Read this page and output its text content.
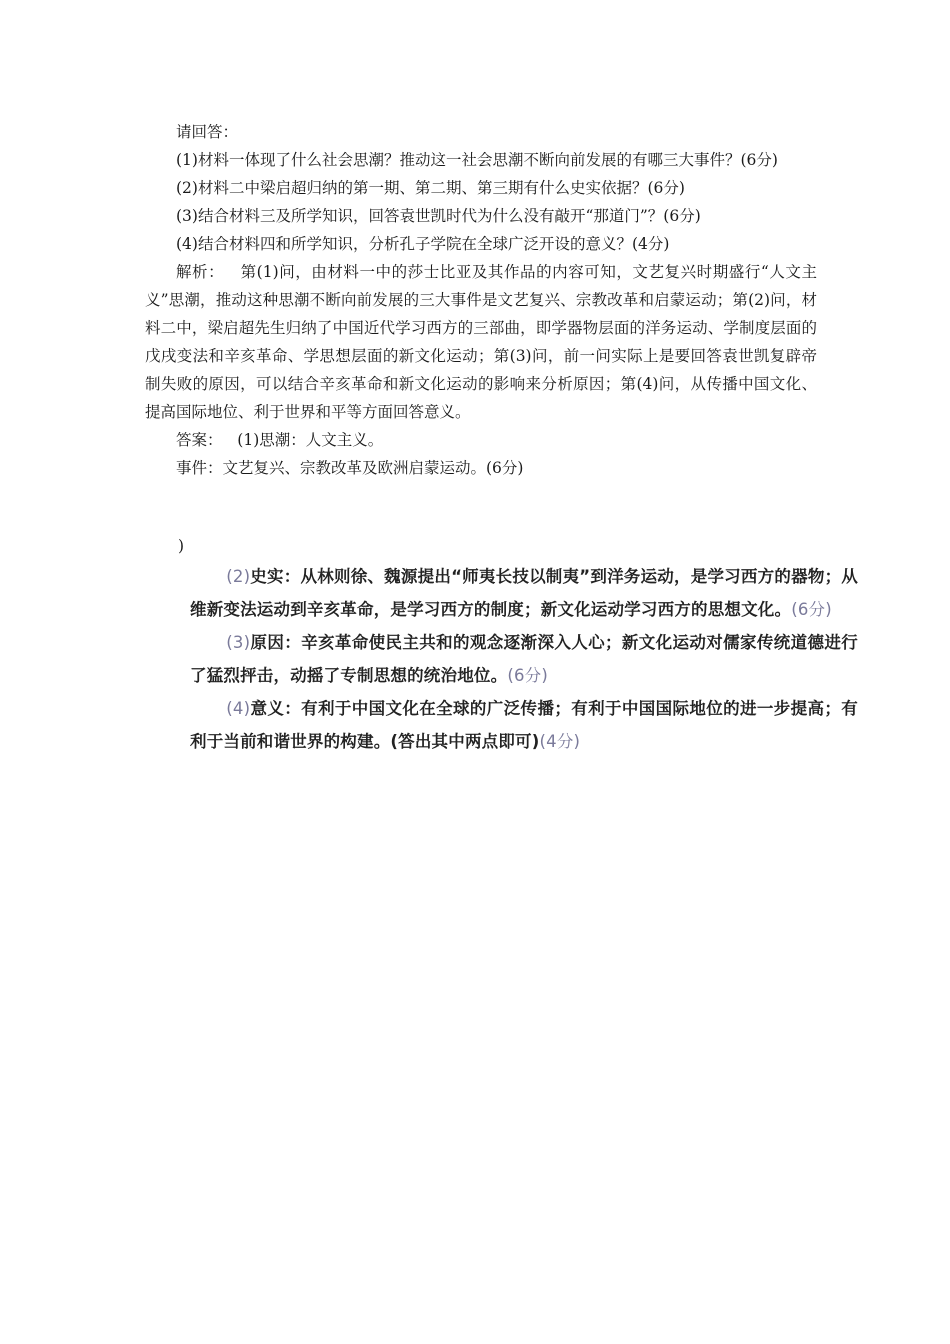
请回答：

(1)材料一体现了什么社会思潮？推动这一社会思潮不断向前发展的有哪三大事件？(6分)

(2)材料二中梁启超归纳的第一期、第二期、第三期有什么史实依据？(6分)

(3)结合材料三及所学知识，回答袁世凯时代为什么没有敲开“那道门”？(6分)

(4)结合材料四和所学知识，分析孔子学院在全球广泛开设的意义？(4分)

解析： 第(1)问，由材料一中的莎士比亚及其作品的内容可知，文艺复兴时期盛行“人文主义”思潮，推动这种思潮不断向前发展的三大事件是文艺复兴、宗教改革和启蒙运动；第(2)问，材料二中，梁启超先生归纳了中国近代学习西方的三部曲，即学器物层面的洋务运动、学制度层面的戊戌变法和辛亥革命、学思想层面的新文化运动；第(3)问，前一问实际上是要回答袁世凯复辟帝制失败的原因，可以结合辛亥革命和新文化运动的影响来分析原因；第(4)问，从传播中国文化、提高国际地位、利于世界和平等方面回答意义。

答案： (1)思潮：人文主义。

事件：文艺复兴、宗教改革及欧洲启蒙运动。(6分)

)

(2)史实：从林则徐、魏源提出“师夷长技以制夷”到洋务运动，是学习西方的器物；从维新变法运动到辛亥革命，是学习西方的制度；新文化运动学习西方的思想文化。(6分)

(3)原因：辛亥革命使民主共和的观念逐渐深入人心；新文化运动对儒家传统道德进行了猛烈抨击，动摇了专制思想的统治地位。(6分)

(4)意义：有利于中国文化在全球的广泛传播；有利于中国国际地位的进一步提高；有利于当前和谐世界的构建。(答出其中两点即可)(4分)
